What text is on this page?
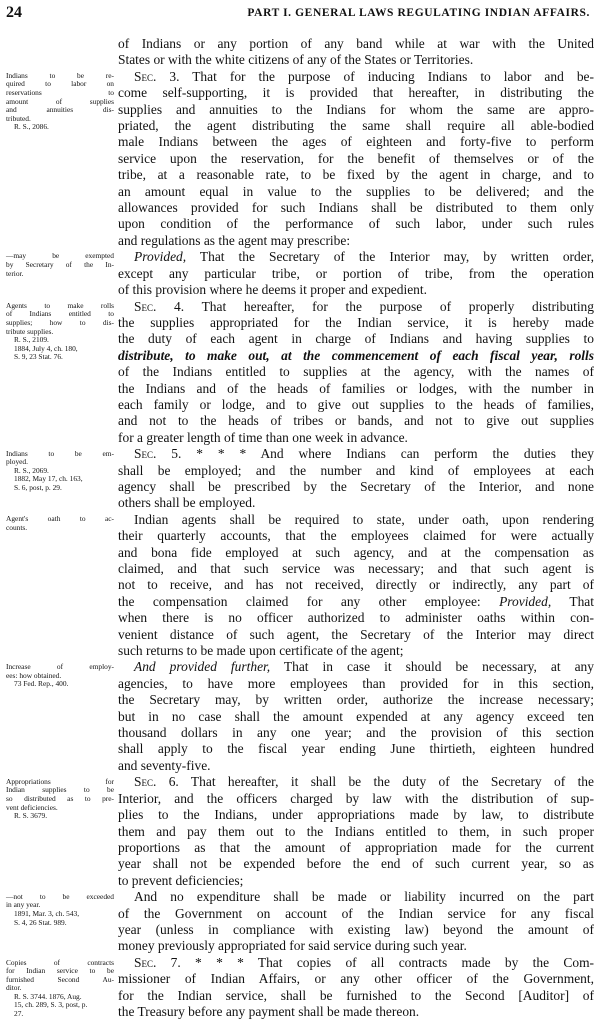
24	PART I. GENERAL LAWS REGULATING INDIAN AFFAIRS.
of Indians or any portion of any band while at war with the United
States or with the white citizens of any of the States or Territories.
Sec. 3. That for the purpose of inducing Indians to labor and be-
come self-supporting, it is provided that hereafter, in distributing the
supplies and annuities to the Indians for whom the same are appro-
priated, the agent distributing the same shall require all able-bodied
male Indians between the ages of eighteen and forty-five to perform
service upon the reservation, for the benefit of themselves or of the
tribe, at a reasonable rate, to be fixed by the agent in charge, and to
an amount equal in value to the supplies to be delivered; and the
allowances provided for such Indians shall be distributed to them only
upon condition of the performance of such labor, under such rules
and regulations as the agent may prescribe:
Provided, That the Secretary of the Interior may, by written order,
except any particular tribe, or portion of tribe, from the operation
of this provision where he deems it proper and expedient.
Sec. 4. That hereafter, for the purpose of properly distributing
the supplies appropriated for the Indian service, it is hereby made
the duty of each agent in charge of Indians and having supplies to
distribute, to make out, at the commencement of each fiscal year, rolls
of the Indians entitled to supplies at the agency, with the names of
the Indians and of the heads of families or lodges, with the number in
each family or lodge, and to give out supplies to the heads of families,
and not to the heads of tribes or bands, and not to give out supplies
for a greater length of time than one week in advance.
Sec. 5. * * * And where Indians can perform the duties they
shall be employed; and the number and kind of employees at each
agency shall be prescribed by the Secretary of the Interior, and none
others shall be employed.
Indian agents shall be required to state, under oath, upon rendering
their quarterly accounts, that the employees claimed for were actually
and bona fide employed at such agency, and at the compensation as
claimed, and that such service was necessary; and that such agent is
not to receive, and has not received, directly or indirectly, any part of
the compensation claimed for any other employee: Provided, That
when there is no officer authorized to administer oaths within con-
venient distance of such agent, the Secretary of the Interior may direct
such returns to be made upon certificate of the agent;
And provided further, That in case it should be necessary, at any
agencies, to have more employees than provided for in this section,
the Secretary may, by written order, authorize the increase necessary;
but in no case shall the amount expended at any agency exceed ten
thousand dollars in any one year; and the provision of this section
shall apply to the fiscal year ending June thirtieth, eighteen hundred
and seventy-five.
Sec. 6. That hereafter, it shall be the duty of the Secretary of the
Interior, and the officers charged by law with the distribution of sup-
plies to the Indians, under appropriations made by law, to distribute
them and pay them out to the Indians entitled to them, in such proper
proportions as that the amount of appropriation made for the current
year shall not be expended before the end of such current year, so as
to prevent deficiencies;
And no expenditure shall be made or liability incurred on the part
of the Government on account of the Indian service for any fiscal
year (unless in compliance with existing law) beyond the amount of
money previously appropriated for said service during such year.
Sec. 7. * * * That copies of all contracts made by the Com-
missioner of Indian Affairs, or any other officer of the Government,
for the Indian service, shall be furnished to the Second [Auditor] of
the Treasury before any payment shall be made thereon.
Indians to be re-
quired to labor on
reservations to
amount of supplies
and annuities dis-
tributed.
R. S., 2086.
—may be exempted
by Secretary of the In-
terior.
Agents to make rolls
of Indians entitled to
supplies; how to dis-
tribute supplies.
R. S., 2109.
1884, July 4, ch. 180,
S. 9, 23 Stat. 76.
Indians to be em-
ployed.
R. S., 2069.
1882, May 17, ch. 163,
S. 6, post, p. 29.
Agent's oath to ac-
counts.
Increase of employ-
ees: how obtained.
73 Fed. Rep., 400.
Appropriations for
Indian supplies to be
so distributed as to pre-
vent deficiencies.
R. S. 3679.
—not to be exceeded
in any year.
1891, Mar. 3, ch. 543,
S. 4, 26 Stat. 989.
Copies of contracts
for Indian service to be
furnished Second Au-
ditor.
R. S. 3744. 1876, Aug.
15, ch. 289, S. 3, post, p.
27.
